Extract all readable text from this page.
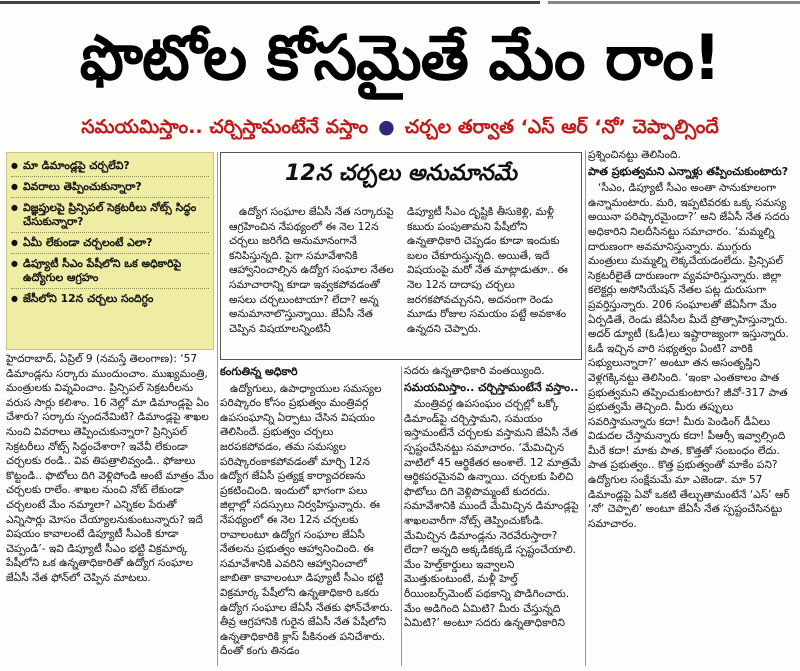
ఫొటోల కోసమైతే మేం రాం!
సమయమిస్తాం.. చర్చిస్తామంటేనే వస్తాం ● చర్చల తర్వాత ‘ఎస్ ఆర్ ‘నో’ చెప్పాల్సిందే
● మా డిమాండ్లపై చర్చలేవి?
● వివరాలు తెప్పించుకున్నారా?
● విజ్ఞప్తులపై ప్రిన్సిపల్ సెక్రటరీలు నోట్స్ సిద్ధం చేసుకున్నారా?
● ఏమీ లేకుండా చర్చలంటే ఎలా?
● డిప్యూటీ సీఎం పేషీలోని ఒక అధికారిపై ఉద్యోగుల ఆగ్రహం
● జేసీలోని 12న చర్చలు సందిగ్ధం

హైదరాబాద్, ఏప్రిల్ 9 (నమస్తే తెలంగాణ): ‘57 డిమాండ్లను సర్కారు ముందుంచాం. ముఖ్యమంత్రి, మంత్రులకు వివ్నవించాం. ప్రిన్సిపల్ సెక్రటరీలను వరుస సార్లు కలిశాం. 16 నెల్లో మా డిమాండ్లపై ఏం చేశారు? సర్కారు స్పందనేమిటి? డిమాండ్లపై శాఖల నుంచి వివరాలు తెప్పించుకున్నారా? ప్రిన్సిపల్ సెక్రటరీలు నోట్స్ సిద్ధంచేశారా? ఇవేవీ లేకుండా చర్చలకు రండి.. వివ తిపత్రాలివ్వండి.. ఫోజులు కొట్టండి.. ఫొటోలు దిగి వెళ్లిపోండి అంటే మాత్రం మేం చర్చలకు రాలేం. శాఖల నుంచి నోట్ లేకుండా చర్చలంటే మేం నమ్మాలా? ఎన్నికల పేరుతో ఎన్నిసార్లు మోసం చేయ్యాలనుకుంటున్నారు? ఇదే విషయం కావాలంటే డిప్యూటీ సీఎంకి కూడా చెప్పండి’- ఇవి డిప్యూటీ సీఎం భట్టి విక్రమార్క పేషీలోని ఒక ఉన్నతాధికారితో ఉద్యోగ సంఘాల జేఏసీ నేత ఫోన్‌లో చెప్పిన మాటలు.

12న చర్చలు అనుమానమే

ఉద్యోగ సంఘాల జేఏసీ నేత సర్కారుపై ఆగ్రహించిన నేపథ్యంలో ఈ నెల 12న చర్చలు జరిగేది అనుమానంగానే కనిపిస్తున్నది. పైగా సమావేశానికి ఆహ్వానించాల్సిన ఉద్యోగ సంఘాల నేతల సమాచారాన్ని కూడా ఇవ్వకపోవడంతో అసలు చర్చలుంటాయా? లేదా? అన్న అనుమానాలొస్తున్నాయి. జేఏసీ నేత చెప్పిన విషయాలన్నింటినీ

డిప్యూటీ సీఎం దృష్టికి తీసుకెళ్లి, మళ్లీ కబురు పంపుతామని పేషీలోని ఉన్నతాధికారి చెప్పడం కూడా ఇందుకు బలం చేకూరుస్తున్నది. అయితే, ఇదే విషయంపై మరో నేత మాట్లాడుతూ.. ఈ నెల 12న దాదాపు చర్చలు జరగకపోవచ్చునని, అదనంగా రెండు మూడు రోజుల సమయం పట్టే అవకాశం ఉన్నదని చెప్పారు.

కంగుతిన్న అధికారి

ఉద్యోగులు, ఉపాధ్యాయుల సమస్యల పరిష్కారం కోసం ప్రభుత్వం మంత్రివర్గ ఉపసంఘాన్ని ఏర్పాటు చేసిన విషయం తెలిసిందే. ప్రభుత్వం చర్చలు జరపకపోవడం, తమ సమస్యల పరిష్కారంకాకపోవడంతో మార్చి 12న ఉద్యోగ జేఏసీ ప్రత్యక్ష కార్యాచరణను ప్రకటించింది. ఇందులో భాగంగా పలు జిల్లాల్లో సదస్సులు నిర్వహిస్తున్నారు. ఈ నేపథ్యంలో ఈ నెల 12న చర్చలకు రావాలంటూ ఉద్యోగ సంఘాల జేఏసీ నేతలను ప్రభుత్వం ఆహ్వానించింది. ఈ సమావేశానికి ఎవరిని ఆహ్వానించాలో జాబితా కావాలంటూ డిప్యూటీ సీఎం భట్టి విక్రమార్క పేషీలోని ఉన్నతాధికారి ఒకరు ఉద్యోగ సంఘాల జేఏసీ నేతకు ఫోన్‌చేశారు. తీవ్ర ఆగ్రహానికి గురైన జేఏసీ నేత పేషీలోని ఉన్నతాధికారికి క్లాస్ పీకినంత పనిచేశారు. దీంతో కంగు తినడం

సదరు ఉన్నతాధికారి వంతయ్యింది.

సమయమిస్తాం.. చర్చిస్తామంటేనే వస్తాం..

మంత్రివర్గ ఉపసంఘం చర్చల్లో ఒక్కో డిమాండ్‌పై చర్చిస్తామని, సమయం ఇస్తామంటేనే చర్చలకు వస్తామని జేఏసీ నేత స్పష్టంచేసినట్టు సమాచారం. ‘మేమిచ్చిన వాటిలో 45 ఆర్థికేతర అంశాలే. 12 మాత్రమే ఆర్థికపరమైనవి ఉన్నాయి. చర్చలకు పిలిచి ఫొటోలు దిగి వెళ్లిపొమ్మంటే కుదరదు. సమావేశానికి ముందే మేమిచ్చిన డిమాండ్లపై శాఖలవారీగా నోట్స్ తెప్పించుకోండి. మేమిచ్చిన డిమాండ్లను నెరవేరుస్తారా? లేదా? అన్నది అక్కడికక్కడే స్పష్టంచేయాలి. మేం హెల్త్‌కార్డులు ఇవ్వాలని మొత్తుకుంటుంటే, మళ్లీ హెల్త్ రీయింబర్స్‌మెంట్ పథకాన్ని పొడిగించారు. మేం అడిగింది ఏమిటి? మీరు చేస్తున్నది ఏమిటి?’ అంటూ సదరు ఉన్నతాధికారిని

ప్రశ్నించినట్టు తెలిసింది.

పాత ప్రభుత్వమని ఎన్నాళ్లు తప్పించుకుంటారు?

‘సీఎం, డిప్యూటీ సీఎం అంతా సానుకూలంగా ఉన్నామంటారు. మరి, ఇప్పటివరకు ఒక్క సమస్య అయినా పరిష్కారమైందా?’ అని జేఏసీ నేత సదరు అధికారిని నిలదీసినట్టు సమాచారం. ‘మమ్మల్ని దారుణంగా అవమానిస్తున్నారు. ముగ్గురు మంత్రులు మమ్మల్ని లెక్కచేయడంలేదు. ప్రిన్సిపల్ సెక్రటరీలైతే దారుణంగా వ్యవహరిస్తున్నారు. జిల్లా కలెక్టర్లు అసోసియేషన్ నేతల పట్ల దురుసుగా ప్రవర్తిస్తున్నారు. 206 సంఘాలతో జేఏసీగా మేం ఏర్పడితే, రెండు జేఏసీల మీదే ప్రోత్సాహిస్తున్నారు. అదర్ డ్యూటీ (ఓడీ)లు ఇష్టారాజ్యంగా ఇస్తున్నారు. ఓడీ ఇచ్చిన వారి సభ్యత్వం ఏంటి? వారికి సభ్యులున్నారా?’ అంటూ తన అసంతృప్తిని వెళ్లగక్కినట్టు తెలిసింది. ‘ఇంకా ఎంతకాలం పాత ప్రభుత్వమని తప్పించుకుంటారు? జీవో-317 పాత ప్రభుత్వమే తెచ్చింది. మీరు తప్పులు సవరిస్తామన్నారు కదా! మీరు పెండింగ్ డీఏలు విడుదల చేస్తామన్నారు కదా! పీఆర్సీ ఇవ్వాల్సింది మీరే కదా! మాకు పాత, కొత్తతో సంబంధం లేదు. పాత ప్రభుత్వం.. కొత్త ప్రభుత్వంతో మాకేం పని? ఉద్యోగుల సంక్షేమమే మా ఎజెండా. మా 57 డిమాండ్లపై ఏవో ఒకటి తేల్చుతామంటేనే ‘ఎస్’ ఆర్ ‘నో’ చెప్పాలి’ అంటూ జేఏసీ నేత స్పష్టంచేసినట్టు సమాచారం.
